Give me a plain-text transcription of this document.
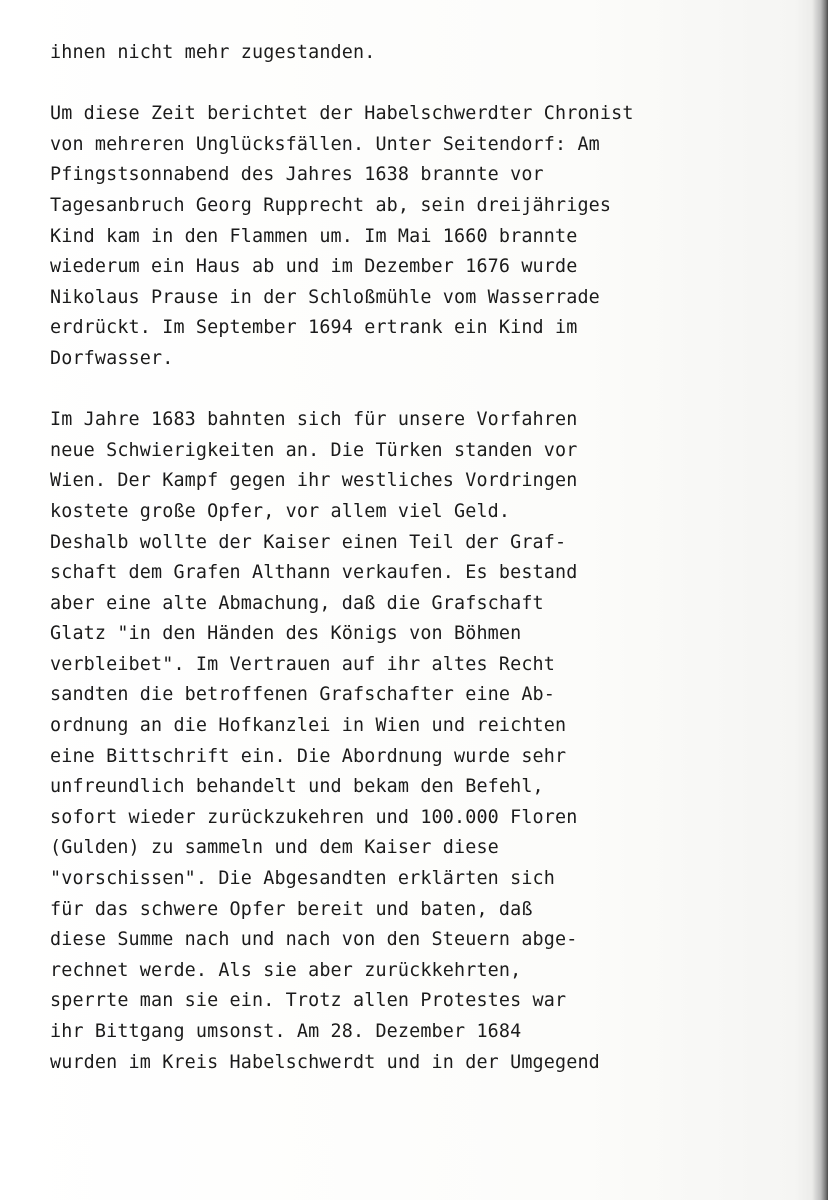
ihnen nicht mehr zugestanden.
Um diese Zeit berichtet der Habelschwerdter Chronist
von mehreren Unglücksfällen. Unter Seitendorf: Am
Pfingstsonnabend des Jahres 1638 brannte vor
Tagesanbruch Georg Rupprecht ab, sein dreijähriges
Kind kam in den Flammen um. Im Mai 1660 brannte
wiederum ein Haus ab und im Dezember 1676 wurde
Nikolaus Prause in der Schloßmühle vom Wasserrade
erdrückt. Im September 1694 ertrank ein Kind im
Dorfwasser.
Im Jahre 1683 bahnten sich für unsere Vorfahren
neue Schwierigkeiten an. Die Türken standen vor
Wien. Der Kampf gegen ihr westliches Vordringen
kostete große Opfer, vor allem viel Geld.
Deshalb wollte der Kaiser einen Teil der Graf-
schaft dem Grafen Althann verkaufen. Es bestand
aber eine alte Abmachung, daß die Grafschaft
Glatz "in den Händen des Königs von Böhmen
verbleibet". Im Vertrauen auf ihr altes Recht
sandten die betroffenen Grafschafter eine Ab-
ordnung an die Hofkanzlei in Wien und reichten
eine Bittschrift ein. Die Abordnung wurde sehr
unfreundlich behandelt und bekam den Befehl,
sofort wieder zurückzukehren und 100.000 Floren
(Gulden) zu sammeln und dem Kaiser diese
"vorschissen". Die Abgesandten erklärten sich
für das schwere Opfer bereit und baten, daß
diese Summe nach und nach von den Steuern abge-
rechnet werde. Als sie aber zurückkehrten,
sperrte man sie ein. Trotz allen Protestes war
ihr Bittgang umsonst. Am 28. Dezember 1684
wurden im Kreis Habelschwerdt und in der Umgegend
